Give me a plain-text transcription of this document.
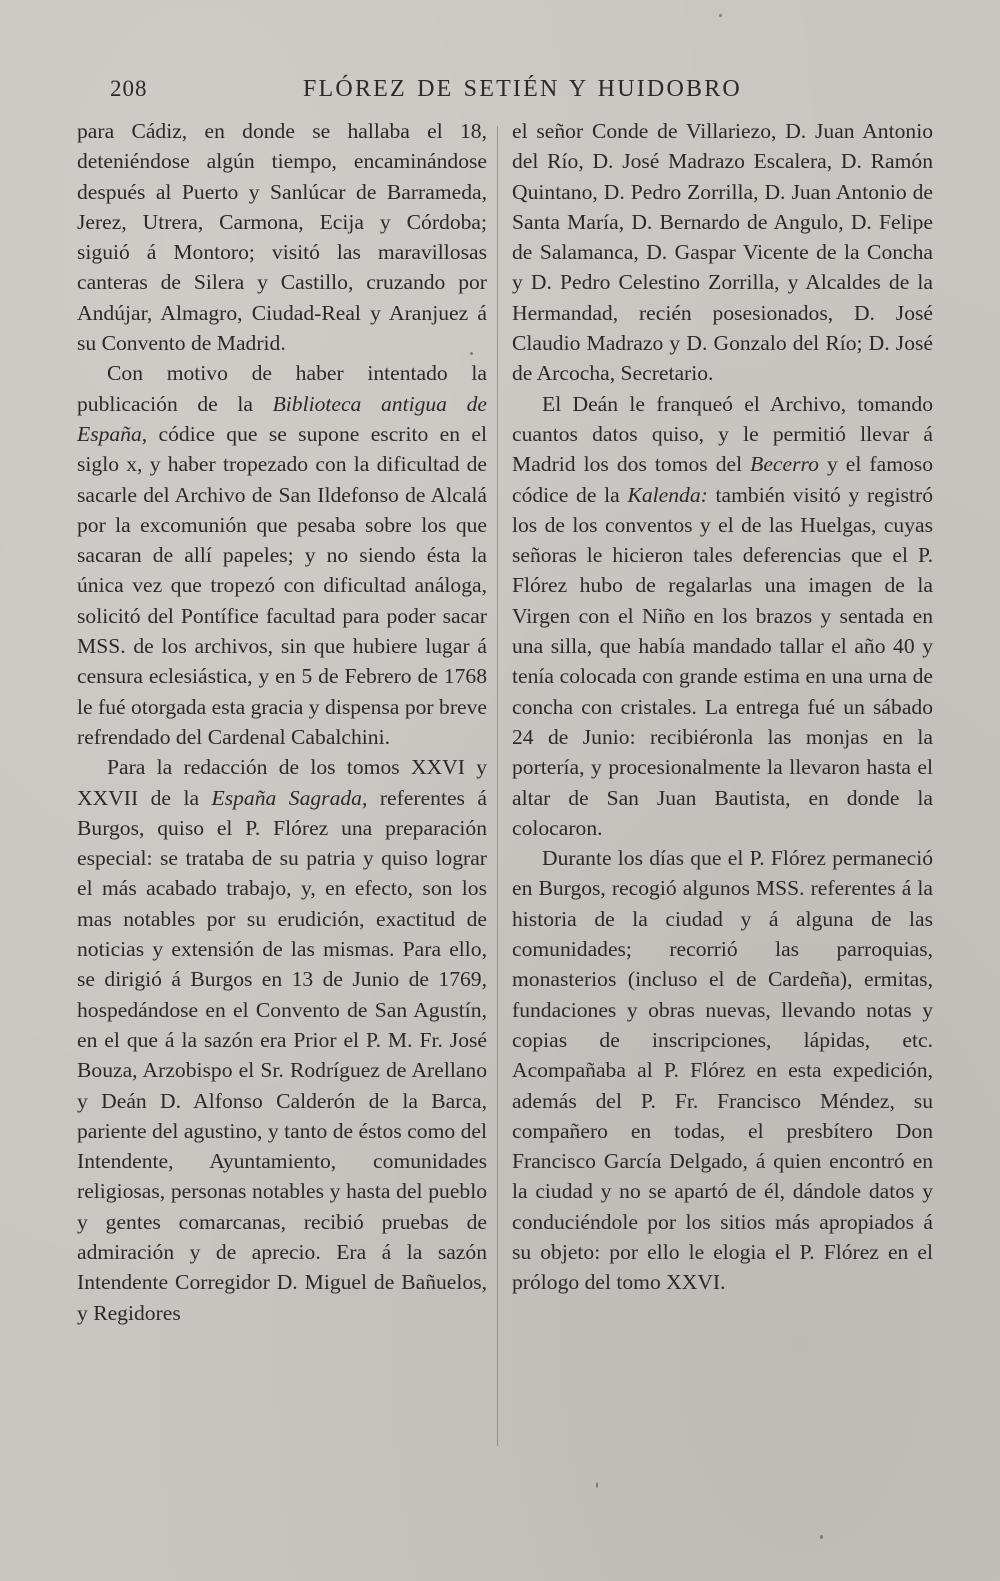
208	FLÓREZ DE SETIÉN Y HUIDOBRO

para Cádiz, en donde se hallaba el 18, deteniéndose algún tiempo, encaminándose después al Puerto y Sanlúcar de Barrameda, Jerez, Utrera, Carmona, Ecija y Córdoba; siguió á Montoro; visitó las maravillosas canteras de Silera y Castillo, cruzando por Andújar, Almagro, Ciudad-Real y Aranjuez á su Convento de Madrid.

Con motivo de haber intentado la publicación de la Biblioteca antigua de España, códice que se supone escrito en el siglo x, y haber tropezado con la dificultad de sacarle del Archivo de San Ildefonso de Alcalá por la excomunión que pesaba sobre los que sacaran de allí papeles; y no siendo ésta la única vez que tropezó con dificultad análoga, solicitó del Pontífice facultad para poder sacar MSS. de los archivos, sin que hubiere lugar á censura eclesiástica, y en 5 de Febrero de 1768 le fué otorgada esta gracia y dispensa por breve refrendado del Cardenal Cabalchini.

Para la redacción de los tomos XXVI y XXVII de la España Sagrada, referentes á Burgos, quiso el P. Flórez una preparación especial: se trataba de su patria y quiso lograr el más acabado trabajo, y, en efecto, son los mas notables por su erudición, exactitud de noticias y extensión de las mismas. Para ello, se dirigió á Burgos en 13 de Junio de 1769, hospedándose en el Convento de San Agustín, en el que á la sazón era Prior el P. M. Fr. José Bouza, Arzobispo el Sr. Rodríguez de Arellano y Deán D. Alfonso Calderón de la Barca, pariente del agustino, y tanto de éstos como del Intendente, Ayuntamiento, comunidades religiosas, personas notables y hasta del pueblo y gentes comarcanas, recibió pruebas de admiración y de aprecio. Era á la sazón Intendente Corregidor D. Miguel de Bañuelos, y Regidores

el señor Conde de Villariezo, D. Juan Antonio del Río, D. José Madrazo Escalera, D. Ramón Quintano, D. Pedro Zorrilla, D. Juan Antonio de Santa María, D. Bernardo de Angulo, D. Felipe de Salamanca, D. Gaspar Vicente de la Concha y D. Pedro Celestino Zorrilla, y Alcaldes de la Hermandad, recién posesionados, D. José Claudio Madrazo y D. Gonzalo del Río; D. José de Arcocha, Secretario.

El Deán le franqueó el Archivo, tomando cuantos datos quiso, y le permitió llevar á Madrid los dos tomos del Becerro y el famoso códice de la Kalenda: también visitó y registró los de los conventos y el de las Huelgas, cuyas señoras le hicieron tales deferencias que el P. Flórez hubo de regalarlas una imagen de la Virgen con el Niño en los brazos y sentada en una silla, que había mandado tallar el año 40 y tenía colocada con grande estima en una urna de concha con cristales. La entrega fué un sábado 24 de Junio: recibiéronla las monjas en la portería, y procesionalmente la llevaron hasta el altar de San Juan Bautista, en donde la colocaron.

Durante los días que el P. Flórez permaneció en Burgos, recogió algunos MSS. referentes á la historia de la ciudad y á alguna de las comunidades; recorrió las parroquias, monasterios (incluso el de Cardeña), ermitas, fundaciones y obras nuevas, llevando notas y copias de inscripciones, lápidas, etc. Acompañaba al P. Flórez en esta expedición, además del P. Fr. Francisco Méndez, su compañero en todas, el presbítero Don Francisco García Delgado, á quien encontró en la ciudad y no se apartó de él, dándole datos y conduciéndole por los sitios más apropiados á su objeto: por ello le elogia el P. Flórez en el prólogo del tomo XXVI.
